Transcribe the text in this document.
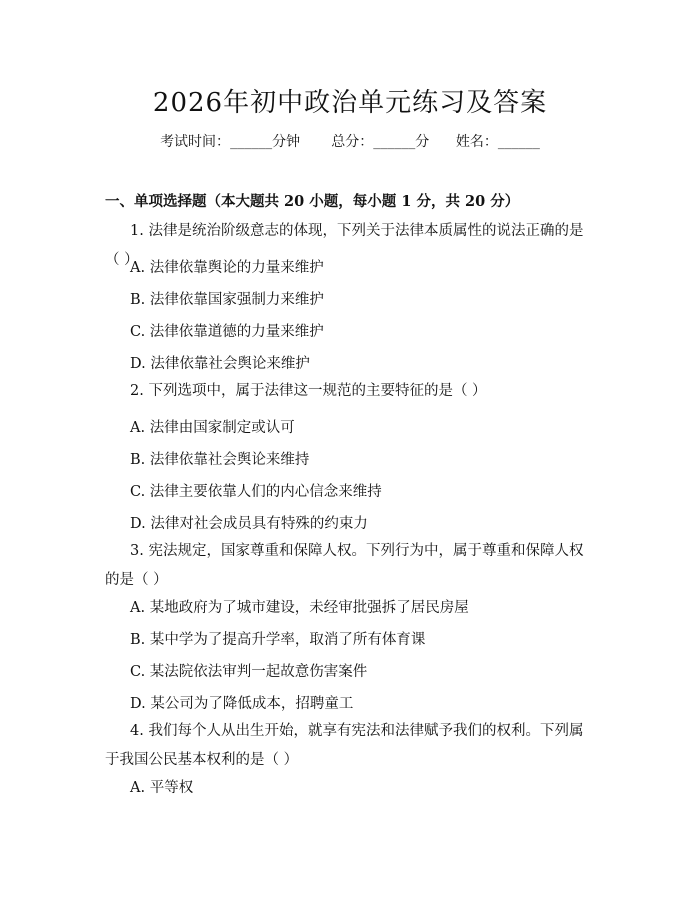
2026年初中政治单元练习及答案
考试时间：______分钟 总分：______分 姓名：______
一、单项选择题（本大题共 20 小题，每小题 1 分，共 20 分）
1. 法律是统治阶级意志的体现，下列关于法律本质属性的说法正确的是（ ）
A. 法律依靠舆论的力量来维护
B. 法律依靠国家强制力来维护
C. 法律依靠道德的力量来维护
D. 法律依靠社会舆论来维护
2. 下列选项中，属于法律这一规范的主要特征的是（ ）
A. 法律由国家制定或认可
B. 法律依靠社会舆论来维持
C. 法律主要依靠人们的内心信念来维持
D. 法律对社会成员具有特殊的约束力
3. 宪法规定，国家尊重和保障人权。下列行为中，属于尊重和保障人权的是（ ）
A. 某地政府为了城市建设，未经审批强拆了居民房屋
B. 某中学为了提高升学率，取消了所有体育课
C. 某法院依法审判一起故意伤害案件
D. 某公司为了降低成本，招聘童工
4. 我们每个人从出生开始，就享有宪法和法律赋予我们的权利。下列属于我国公民基本权利的是（ ）
A. 平等权
